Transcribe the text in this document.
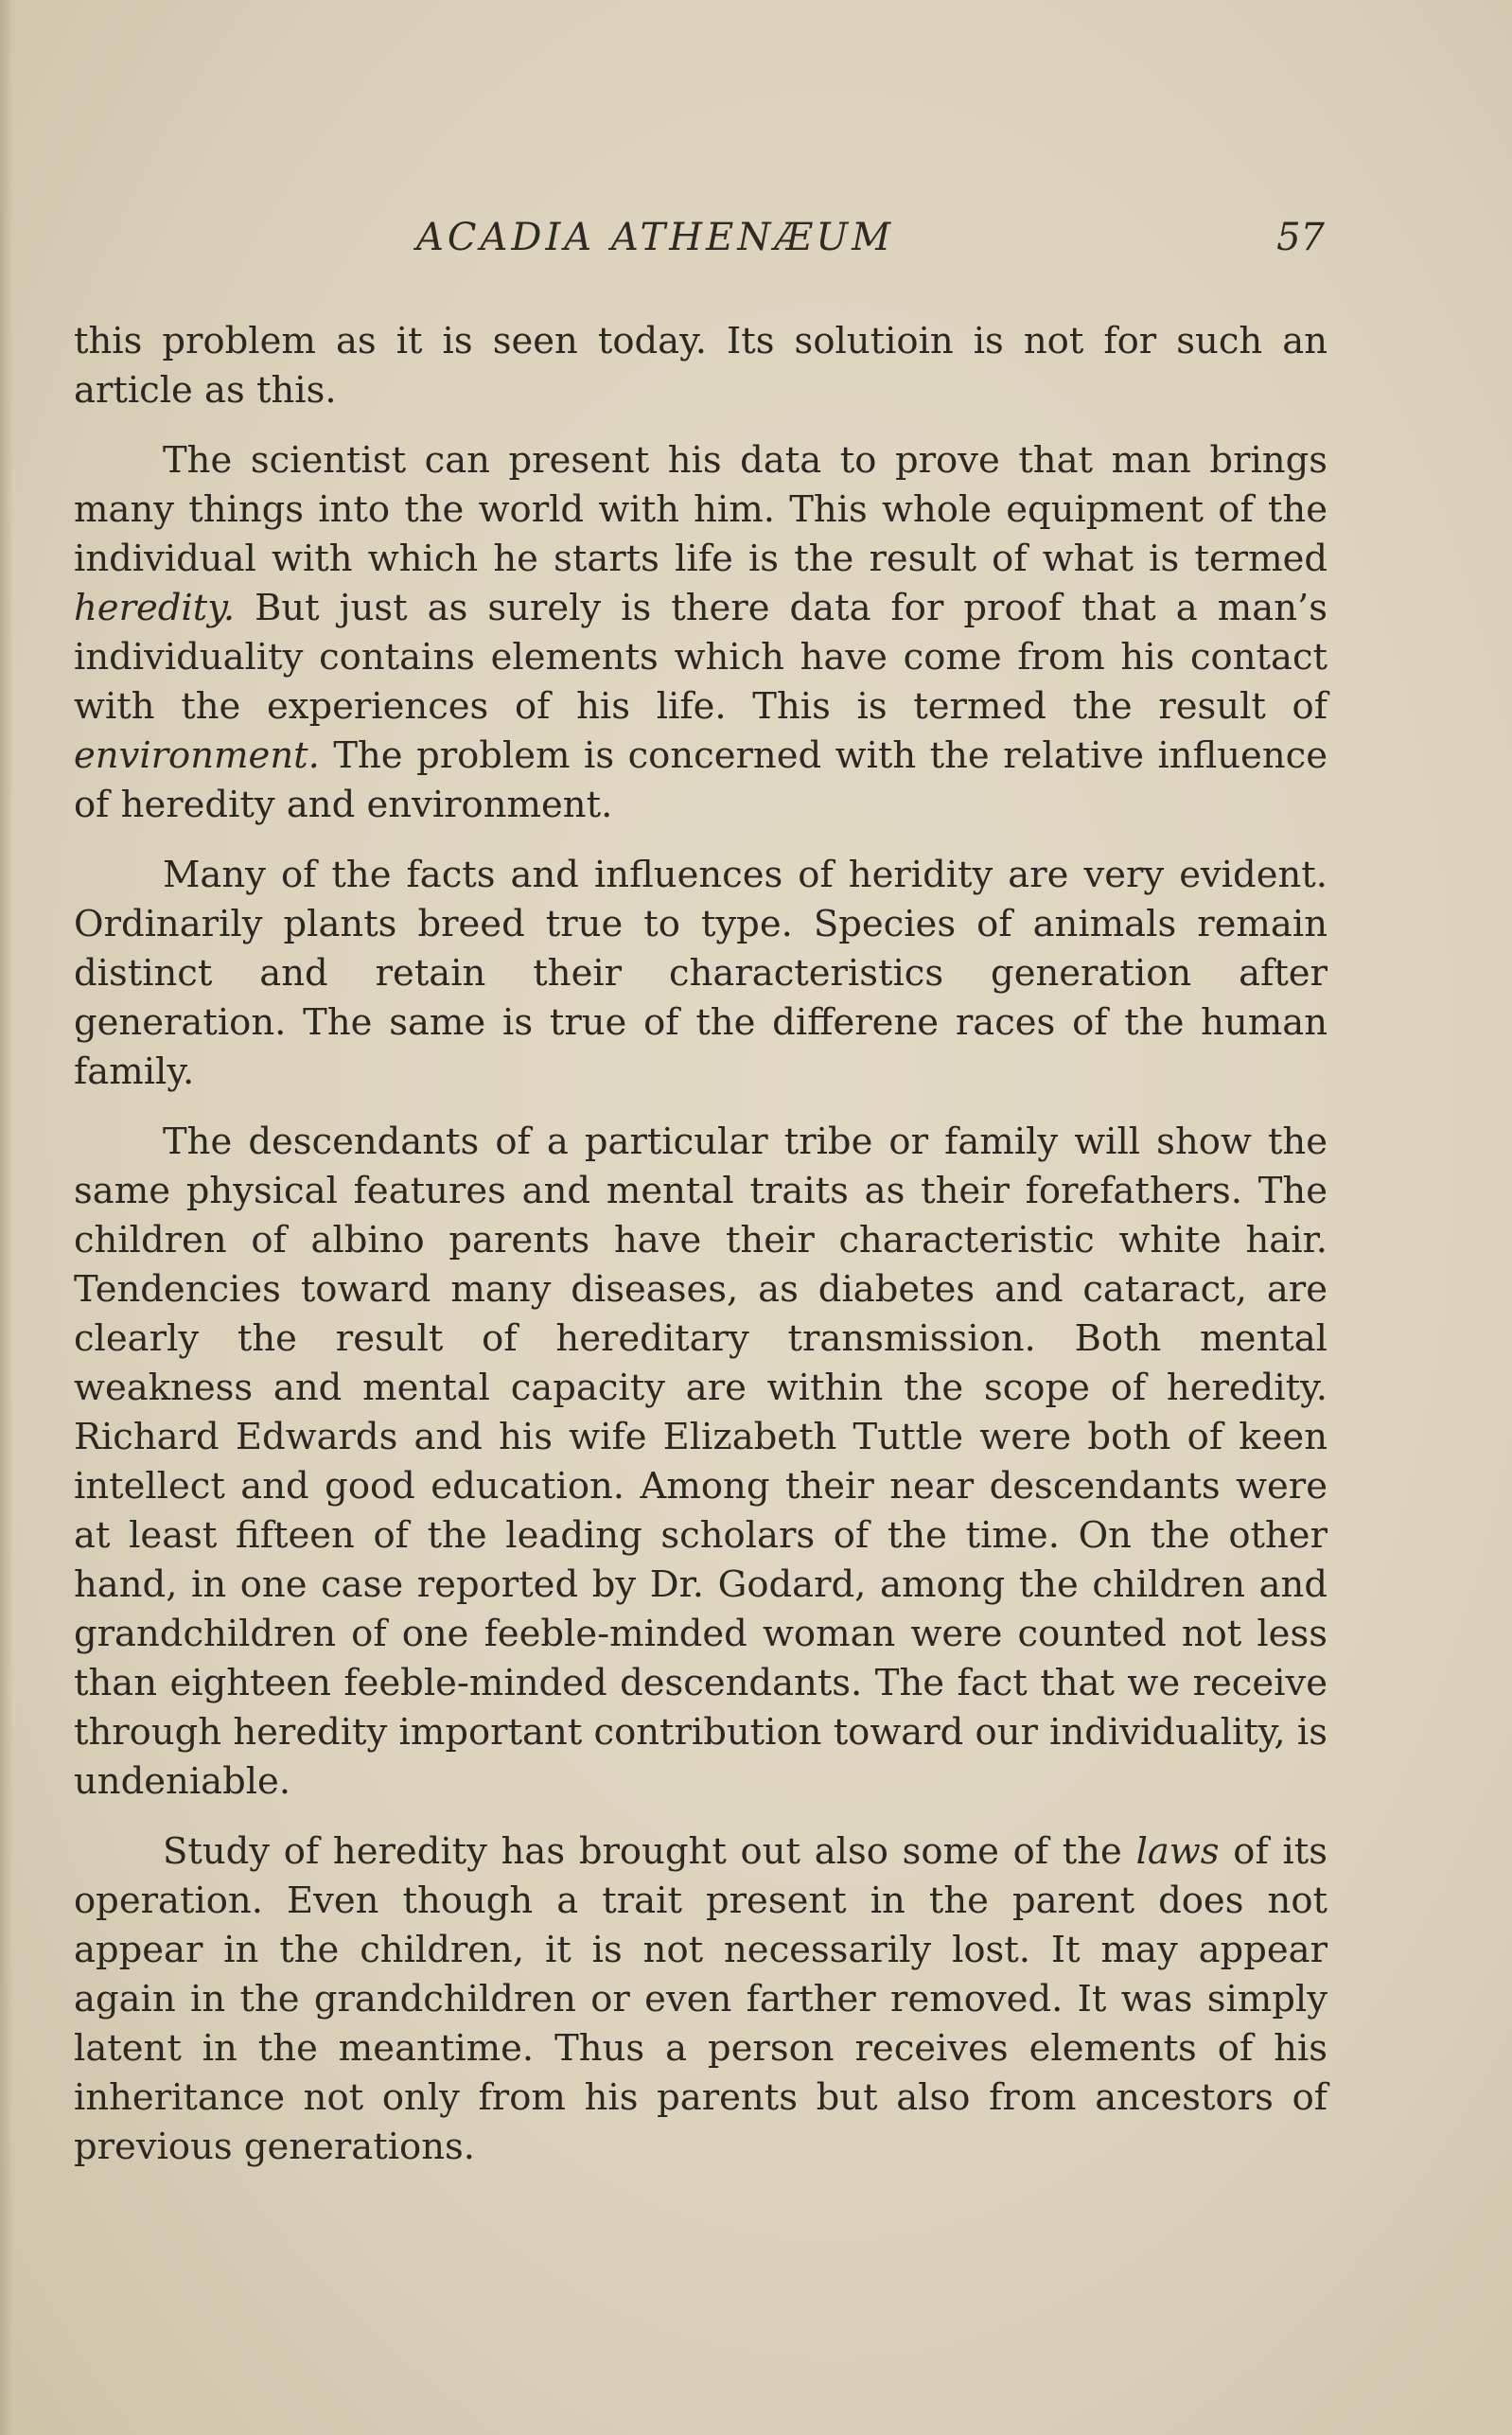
ACADIA ATHENÆUM	57

this problem as it is seen today. Its solutioin is not for such an article as this.

The scientist can present his data to prove that man brings many things into the world with him. This whole equipment of the individual with which he starts life is the result of what is termed heredity. But just as surely is there data for proof that a man’s individuality contains elements which have come from his contact with the experiences of his life. This is termed the result of environment. The problem is concerned with the relative influence of heredity and environment.

Many of the facts and influences of heridity are very evident. Ordinarily plants breed true to type. Species of animals remain distinct and retain their characteristics generation after generation. The same is true of the differene races of the human family.

The descendants of a particular tribe or family will show the same physical features and mental traits as their forefathers. The children of albino parents have their characteristic white hair. Tendencies toward many diseases, as diabetes and cataract, are clearly the result of hereditary transmission. Both mental weakness and mental capacity are within the scope of heredity. Richard Edwards and his wife Elizabeth Tuttle were both of keen intellect and good education. Among their near descendants were at least fifteen of the leading scholars of the time. On the other hand, in one case reported by Dr. Godard, among the children and grandchildren of one feeble-minded woman were counted not less than eighteen feeble-minded descendants. The fact that we receive through heredity important contribution toward our individuality, is undeniable.

Study of heredity has brought out also some of the laws of its operation. Even though a trait present in the parent does not appear in the children, it is not necessarily lost. It may appear again in the grandchildren or even farther removed. It was simply latent in the meantime. Thus a person receives elements of his inheritance not only from his parents but also from ancestors of previous generations.
